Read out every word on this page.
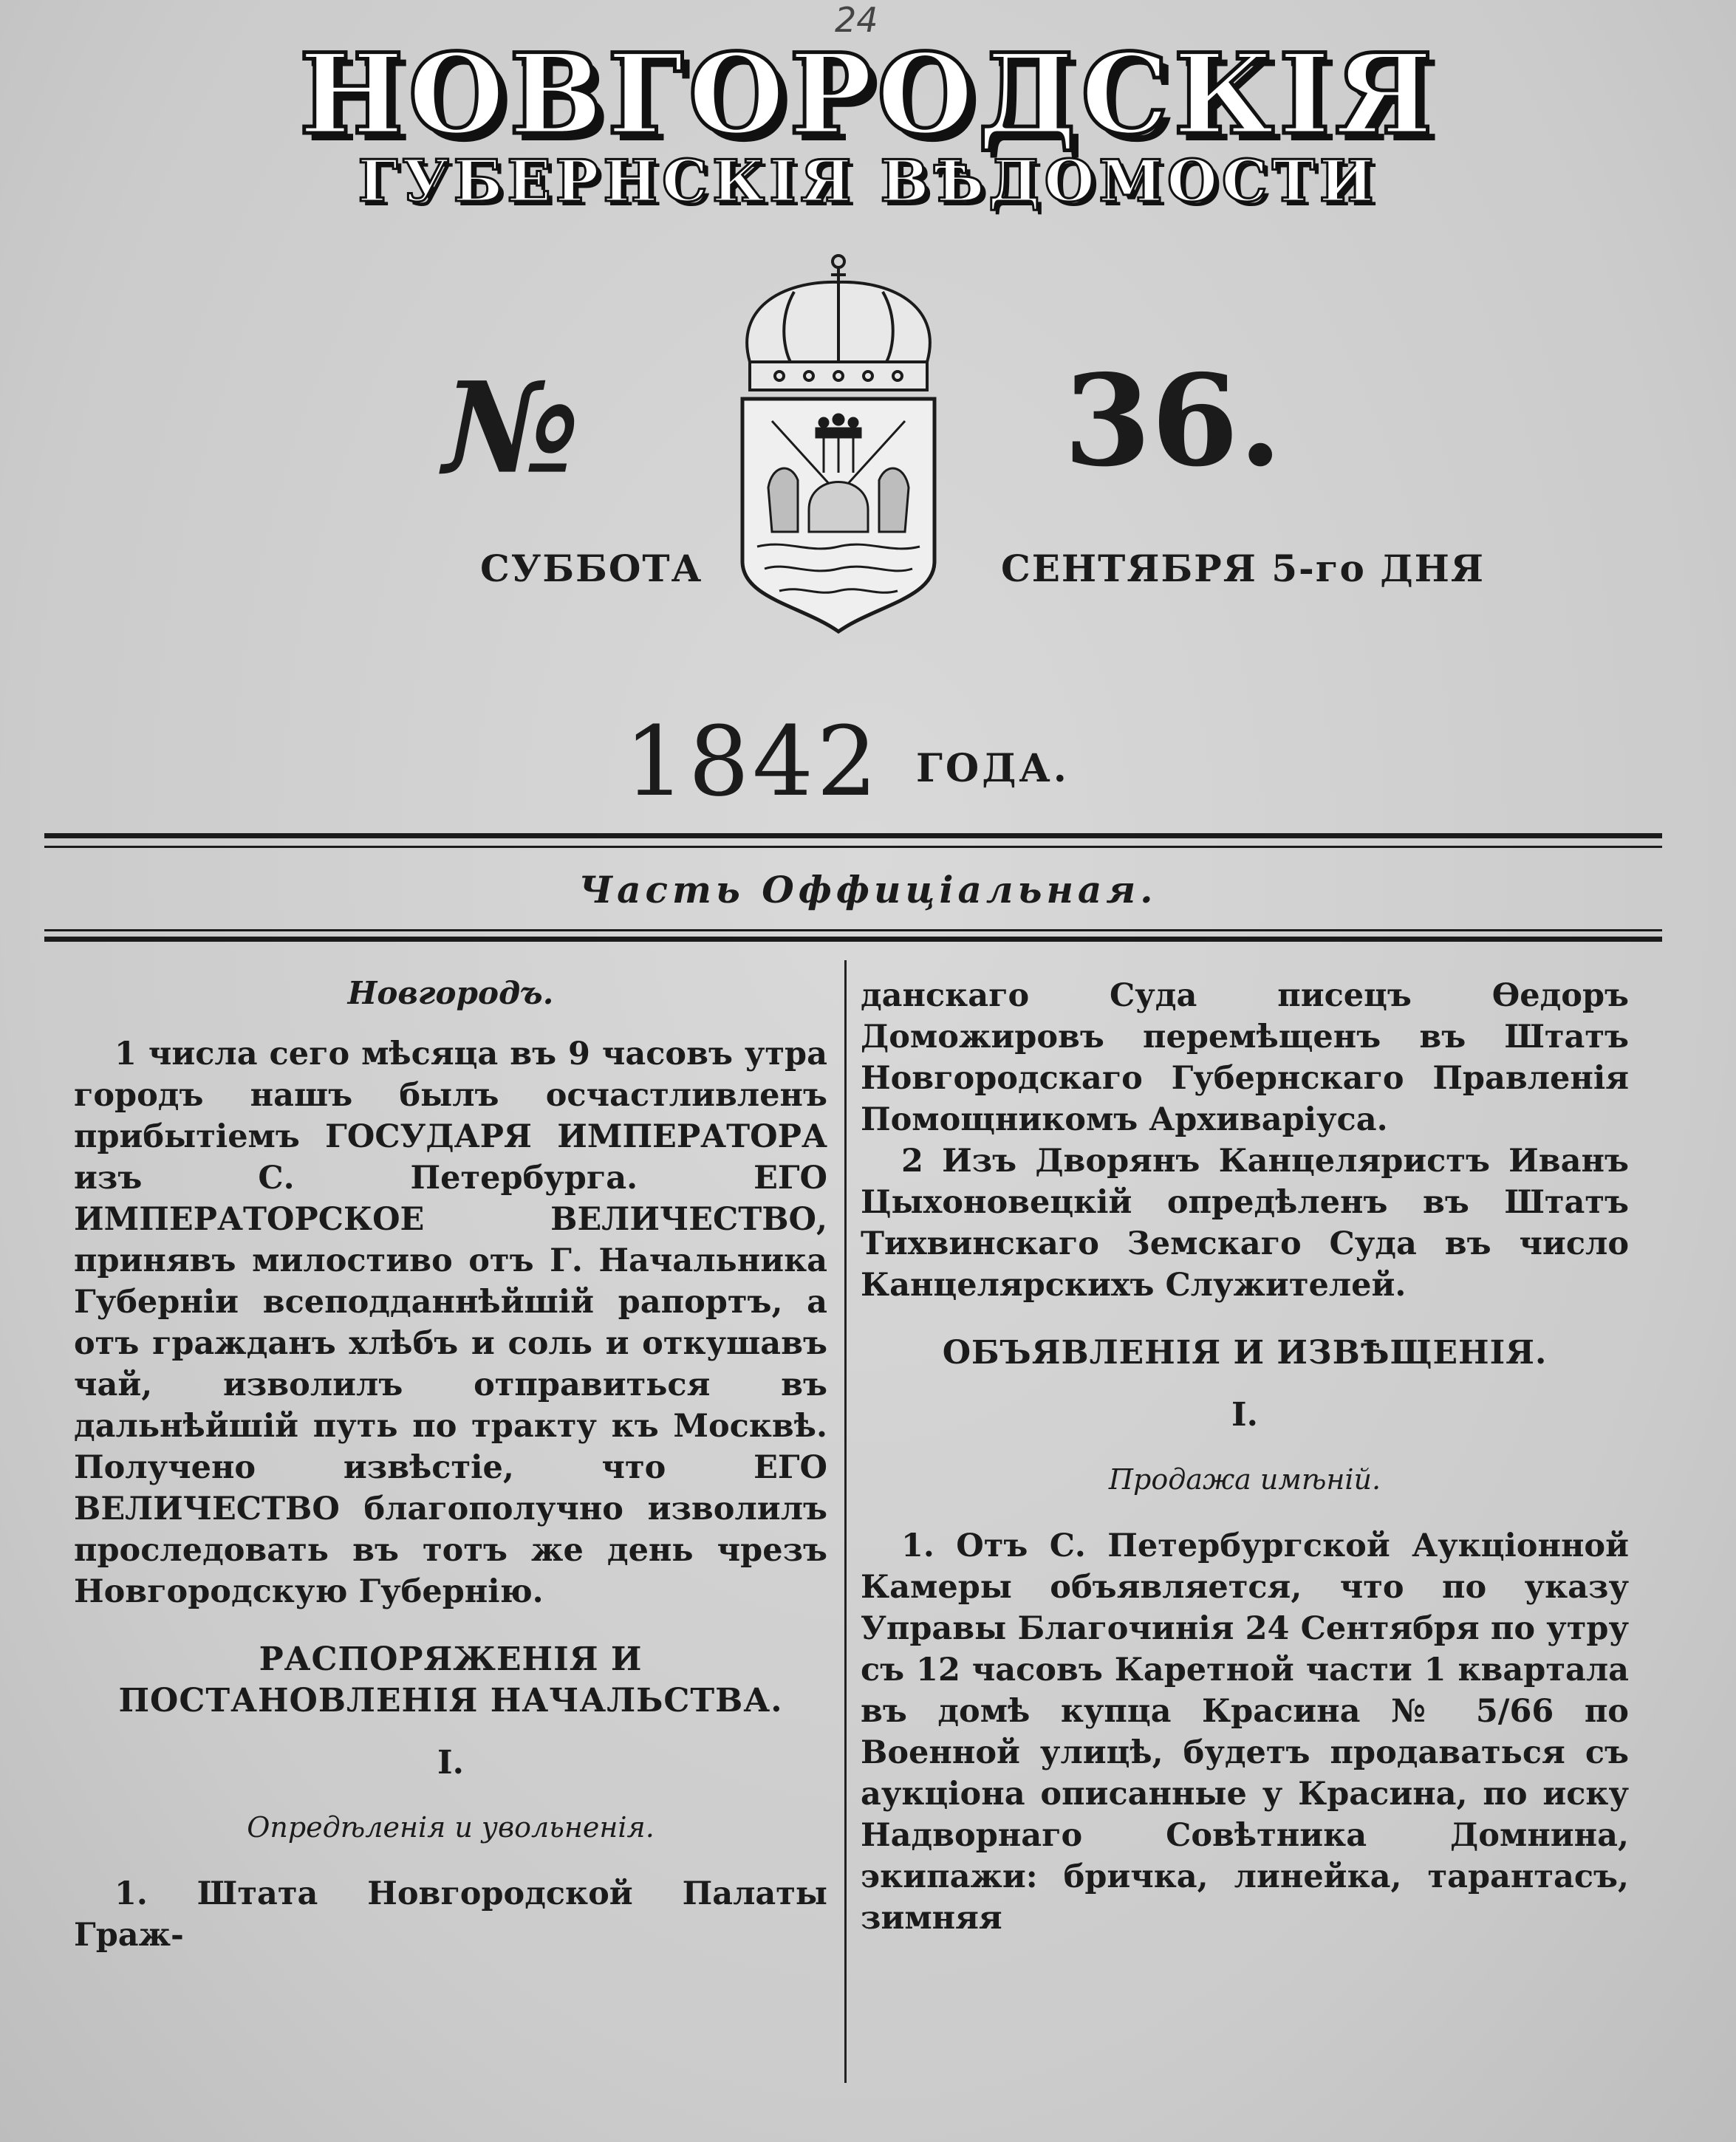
24
НОВГОРОДСКІЯ
ГУБЕРНСКІЯ ВѢДОМОСТИ
№	36.
СУББОТА	СЕНТЯБРЯ 5-го ДНЯ
1842 ГОДА.
Часть Оффиціальная.

Новгородъ.

1 числа сего мѣсяца въ 9 часовъ утра городъ нашъ былъ осчастливленъ прибытіемъ ГОСУДАРЯ ИМПЕРАТОРА изъ С. Петербурга. ЕГО ИМПЕРАТОРСКОЕ ВЕЛИЧЕСТВО, принявъ милостиво отъ Г. Начальника Губерніи всеподданнѣйшій рапортъ, а отъ гражданъ хлѣбъ и соль и откушавъ чай, изволилъ отправиться въ дальнѣйшій путь по тракту къ Москвѣ. Получено извѣстіе, что ЕГО ВЕЛИЧЕСТВО благополучно изволилъ проследовать въ тотъ же день чрезъ Новгородскую Губернію.

РАСПОРЯЖЕНІЯ И ПОСТАНОВЛЕНІЯ НАЧАЛЬСТВА.

I.

Опредѣленія и увольненія.

1. Штата Новгородской Палаты Граж-

данскаго Суда писецъ Ѳедоръ Доможировъ перемѣщенъ въ Штатъ Новгородскаго Губернскаго Правленія Помощникомъ Архиваріуса.

2 Изъ Дворянъ Канцеляристъ Иванъ Цыхоновецкій опредѣленъ въ Штатъ Тихвинскаго Земскаго Суда въ число Канцелярскихъ Служителей.

ОБЪЯВЛЕНІЯ И ИЗВѢЩЕНІЯ.

I.

Продажа имѣній.

1. Отъ С. Петербургской Аукціонной Камеры объявляется, что по указу Управы Благочинія 24 Сентября по утру съ 12 часовъ Каретной части 1 квартала въ домѣ купца Красина № 5/66 по Военной улицѣ, будетъ продаваться съ аукціона описанные у Красина, по иску Надворнаго Совѣтника Домнина, экипажи: бричка, линейка, тарантасъ, зимняя
